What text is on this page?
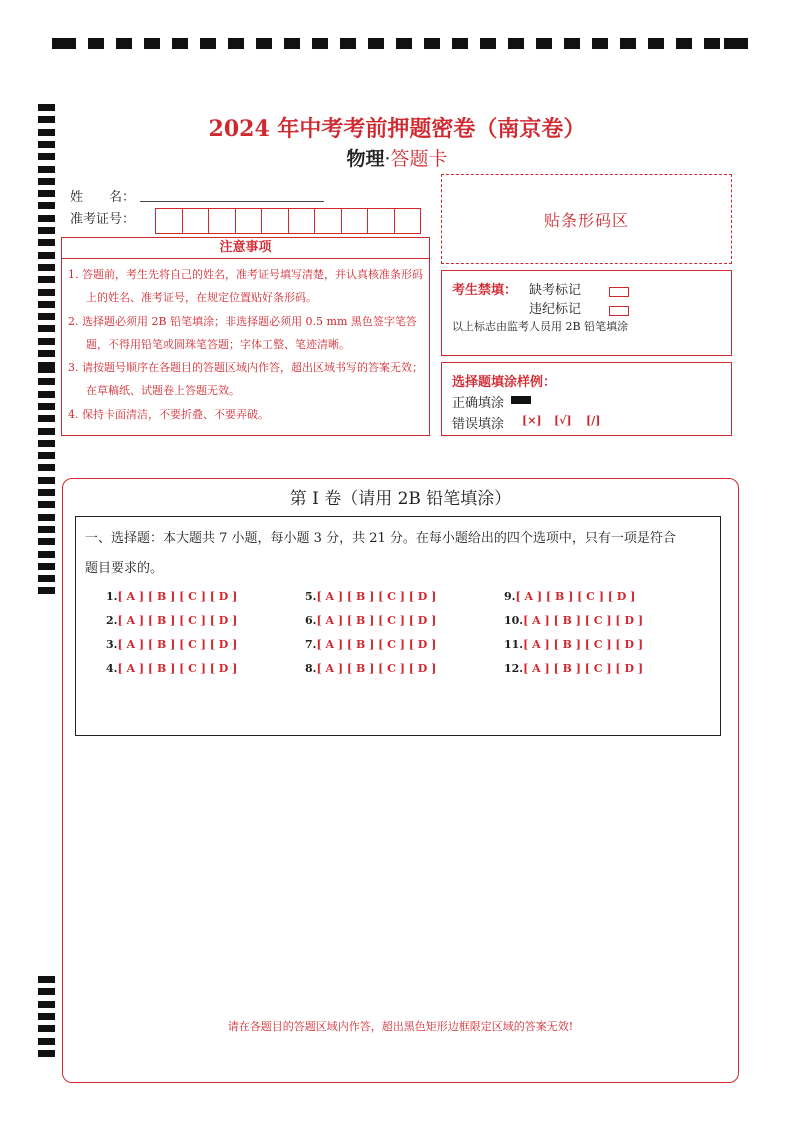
2024 年中考考前押题密卷（南京卷）
物理·答题卡
姓　　名：
准考证号：	贴条形码区
注意事项
1. 答题前，考生先将自己的姓名，准考证号填写清楚，并认真核准条形码上的姓名、准考证号，在规定位置贴好条形码。
2. 选择题必须用 2B 铅笔填涂；非选择题必须用 0.5 mm 黑色签字笔答题，不得用铅笔或圆珠笔答题；字体工整、笔迹清晰。
3. 请按题号顺序在各题目的答题区域内作答，超出区域书写的答案无效；在草稿纸、试题卷上答题无效。
4. 保持卡面清洁，不要折叠、不要弄破。
考生禁填： 缺考标记
违纪标记
以上标志由监考人员用 2B 铅笔填涂
选择题填涂样例：
正确填涂
错误填涂 [×] [√] [/]
第 I 卷（请用 2B 铅笔填涂）
一、选择题：本大题共 7 小题，每小题 3 分，共 21 分。在每小题给出的四个选项中，只有一项是符合
题目要求的。
1.[ A ] [ B ] [ C ] [ D ]
2.[ A ] [ B ] [ C ] [ D ]
3.[ A ] [ B ] [ C ] [ D ]
4.[ A ] [ B ] [ C ] [ D ]
5.[ A ] [ B ] [ C ] [ D ]
6.[ A ] [ B ] [ C ] [ D ]
7.[ A ] [ B ] [ C ] [ D ]
8.[ A ] [ B ] [ C ] [ D ]
9.[ A ] [ B ] [ C ] [ D ]
10.[ A ] [ B ] [ C ] [ D ]
11.[ A ] [ B ] [ C ] [ D ]
12.[ A ] [ B ] [ C ] [ D ]
请在各题目的答题区域内作答，超出黑色矩形边框限定区域的答案无效!
